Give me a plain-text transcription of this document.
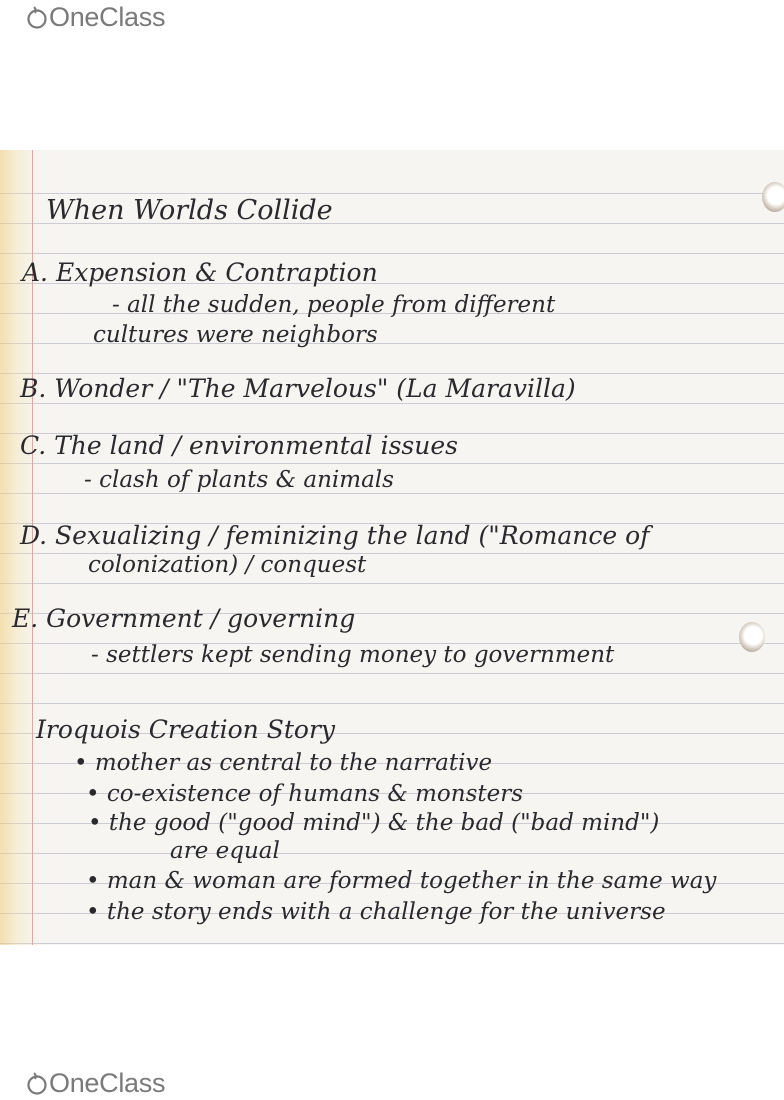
OneClass
When Worlds Collide
A. Expension & Contraption
- all the sudden, people from different
cultures were neighbors
B. Wonder / "The Marvelous" (La Maravilla)
C. The land / environmental issues
- clash of plants & animals
D. Sexualizing / feminizing the land ("Romance of
colonization) / conquest
E. Government / governing
- settlers kept sending money to government
Iroquois Creation Story
• mother as central to the narrative
• co-existence of humans & monsters
• the good ("good mind") & the bad ("bad mind")
are equal
• man & woman are formed together in the same way
• the story ends with a challenge for the universe
OneClass
